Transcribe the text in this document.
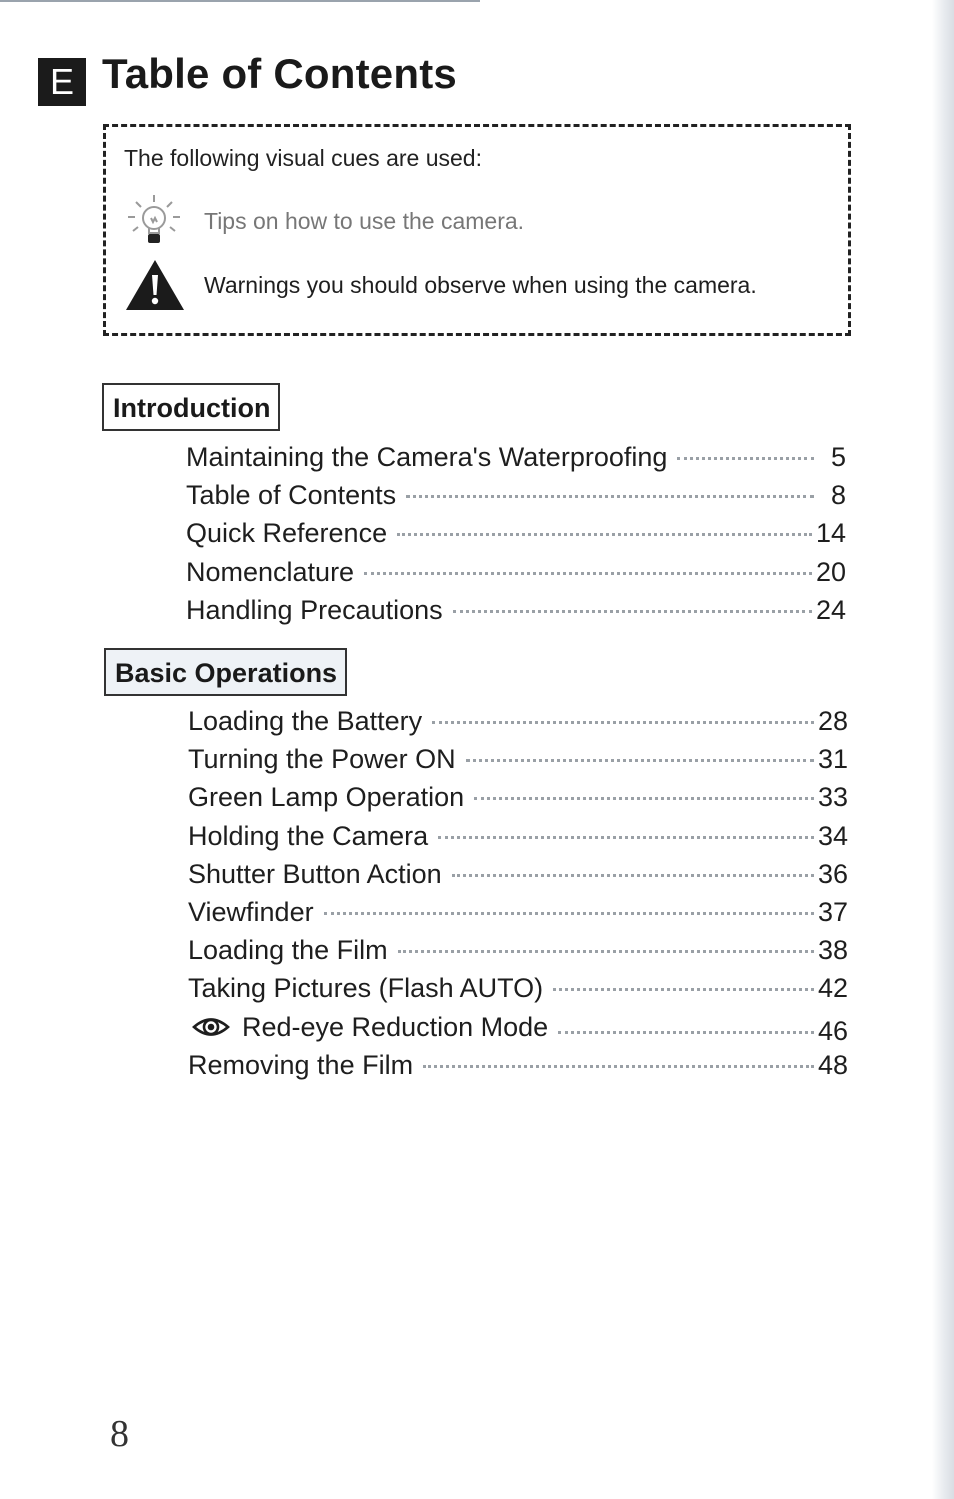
E Table of Contents
The following visual cues are used:
Tips on how to use the camera.
Warnings you should observe when using the camera.
Introduction
Maintaining the Camera's Waterproofing	5
Table of Contents	8
Quick Reference	14
Nomenclature	20
Handling Precautions	24
Basic Operations
Loading the Battery	28
Turning the Power ON	31
Green Lamp Operation	33
Holding the Camera	34
Shutter Button Action	36
Viewfinder	37
Loading the Film	38
Taking Pictures (Flash AUTO)	42
Red-eye Reduction Mode	46
Removing the Film	48
8
